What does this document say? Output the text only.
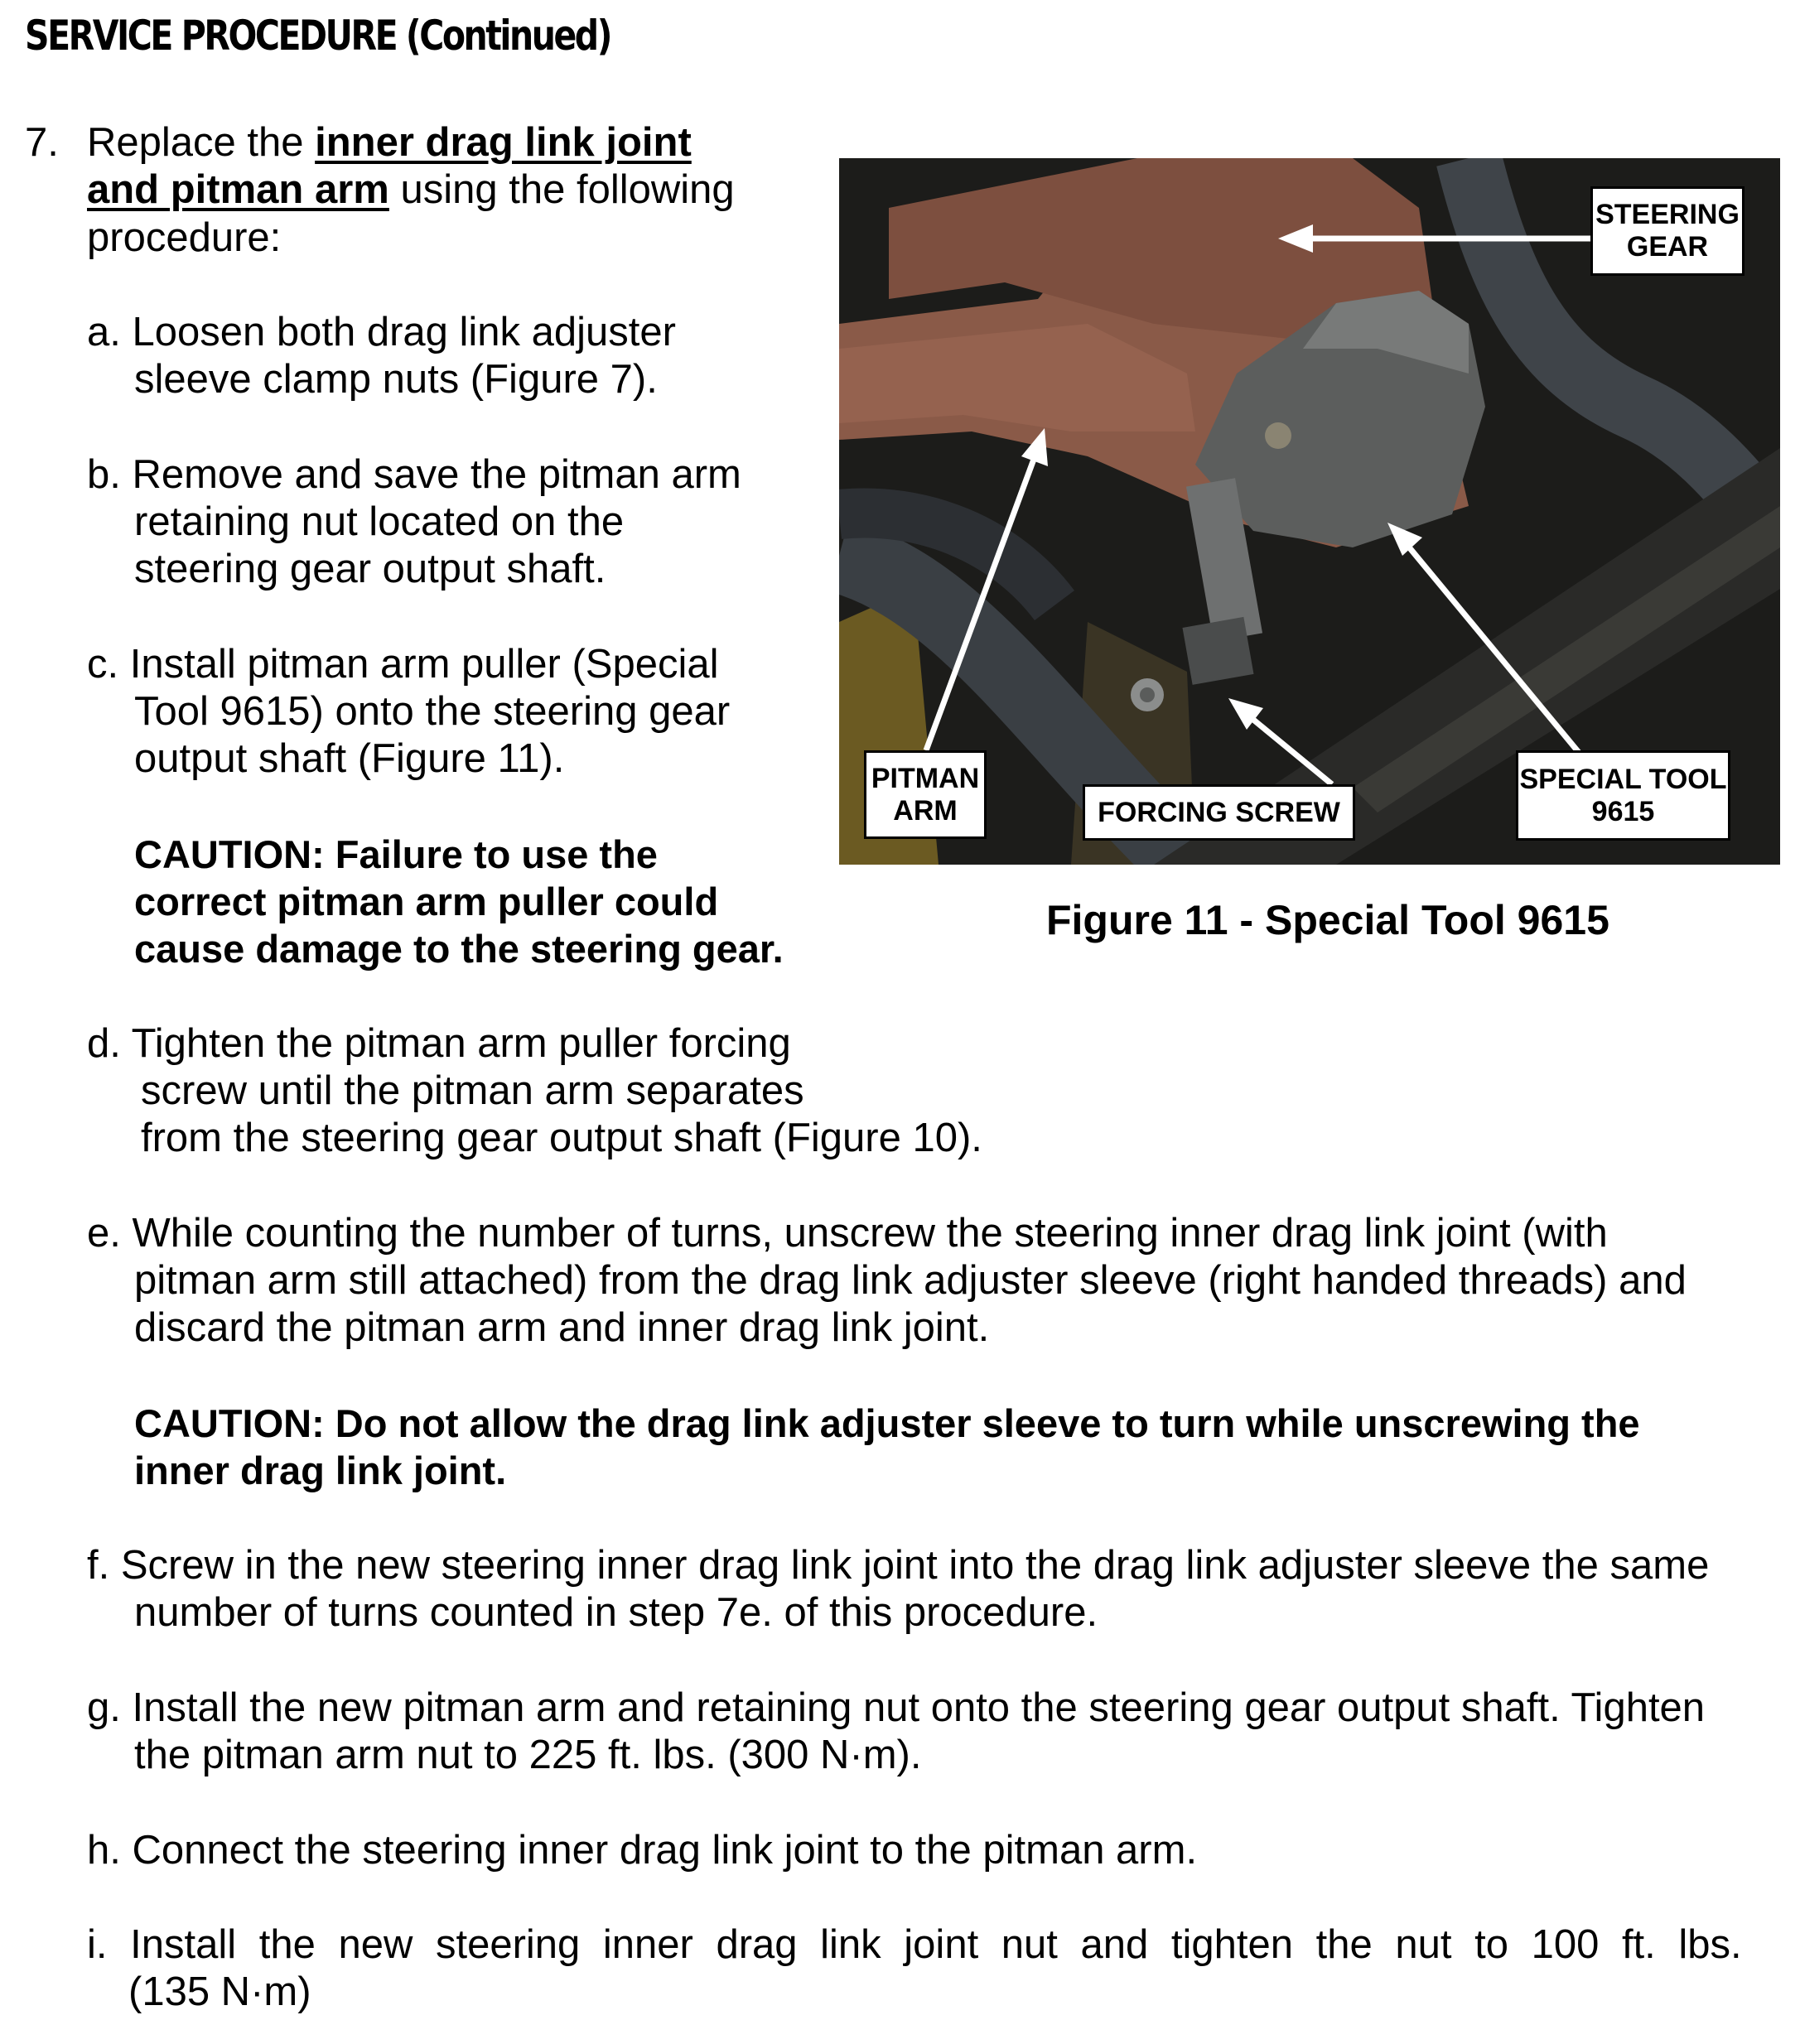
SERVICE PROCEDURE (Continued)
7. Replace the inner drag link joint
and pitman arm using the following
procedure:
a. Loosen both drag link adjuster
sleeve clamp nuts (Figure 7).
b. Remove and save the pitman arm
retaining nut located on the
steering gear output shaft.
c. Install pitman arm puller (Special
Tool 9615) onto the steering gear
output shaft (Figure 11).
CAUTION: Failure to use the
correct pitman arm puller could
cause damage to the steering gear.
d. Tighten the pitman arm puller forcing
screw until the pitman arm separates
from the steering gear output shaft (Figure 10).
e. While counting the number of turns, unscrew the steering inner drag link joint (with
pitman arm still attached) from the drag link adjuster sleeve (right handed threads) and
discard the pitman arm and inner drag link joint.
CAUTION: Do not allow the drag link adjuster sleeve to turn while unscrewing the
inner drag link joint.
f. Screw in the new steering inner drag link joint into the drag link adjuster sleeve the same
number of turns counted in step 7e. of this procedure.
g. Install the new pitman arm and retaining nut onto the steering gear output shaft. Tighten
the pitman arm nut to 225 ft. lbs. (300 N·m).
h. Connect the steering inner drag link joint to the pitman arm.
i. Install the new steering inner drag link joint nut and tighten the nut to 100 ft. lbs.
(135 N·m)
STEERING
GEAR
PITMAN
ARM	FORCING SCREW
SPECIAL TOOL
9615
Figure 11 - Special Tool 9615
